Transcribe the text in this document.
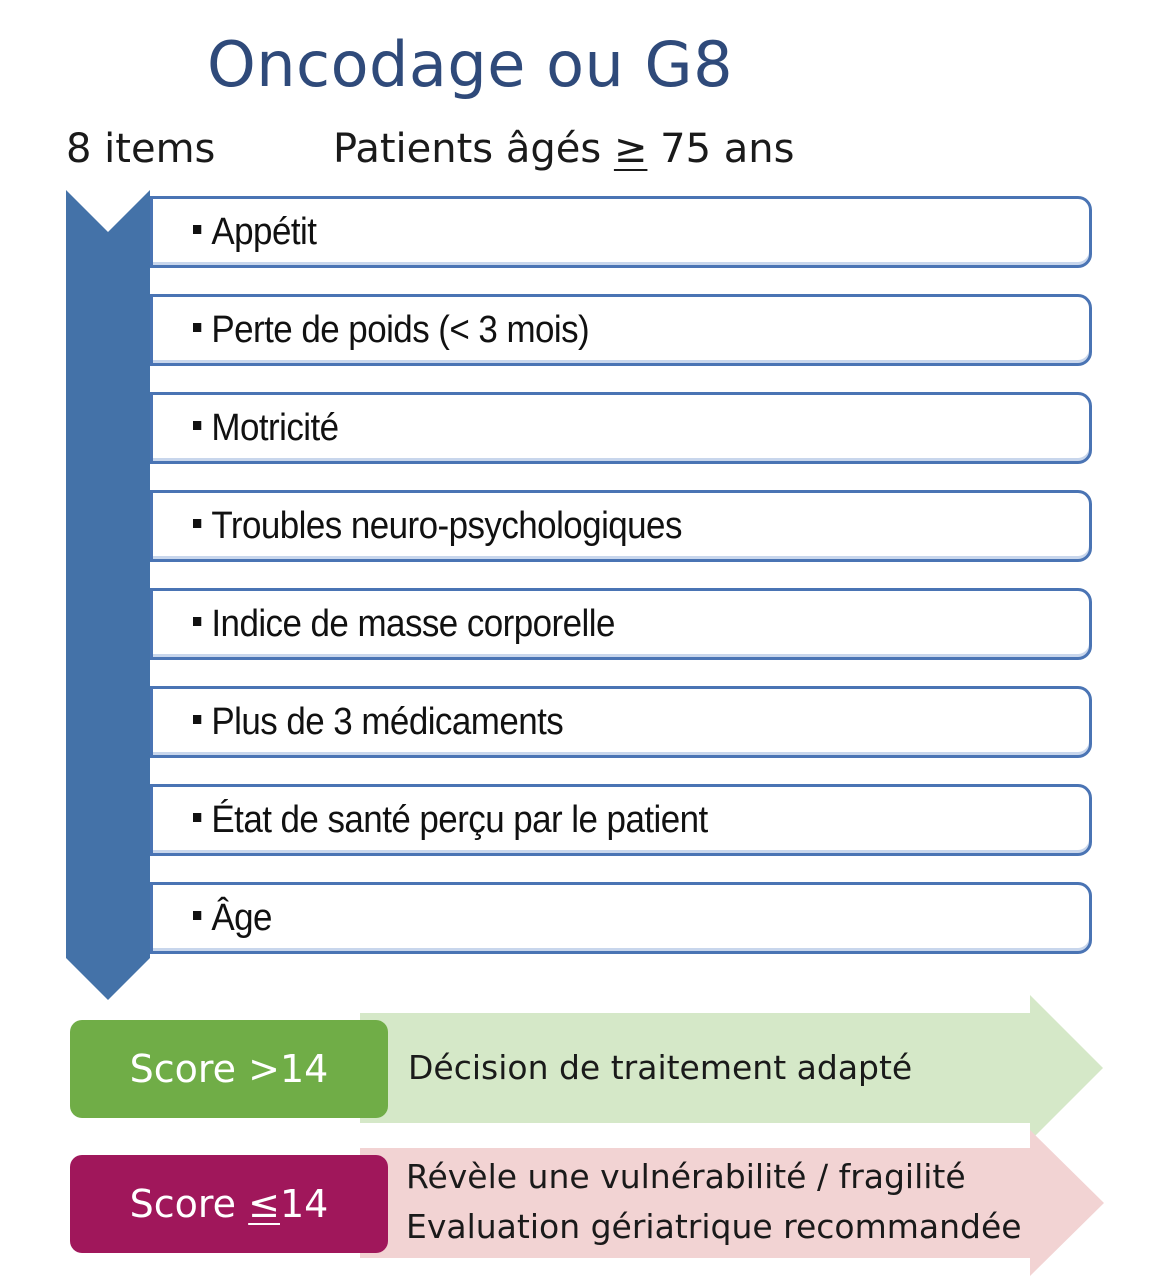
Oncodage ou G8
8 items	Patients âgés ≥ 75 ans
Appétit
Perte de poids (< 3 mois)
Motricité
Troubles neuro-psychologiques
Indice de masse corporelle
Plus de 3 médicaments
État de santé perçu par le patient
Âge
Score
> 14 Décision de traitement adapté
Score
≤ 14
Révèle une vulnérabilité / fragilité
Evaluation gériatrique recommandée
